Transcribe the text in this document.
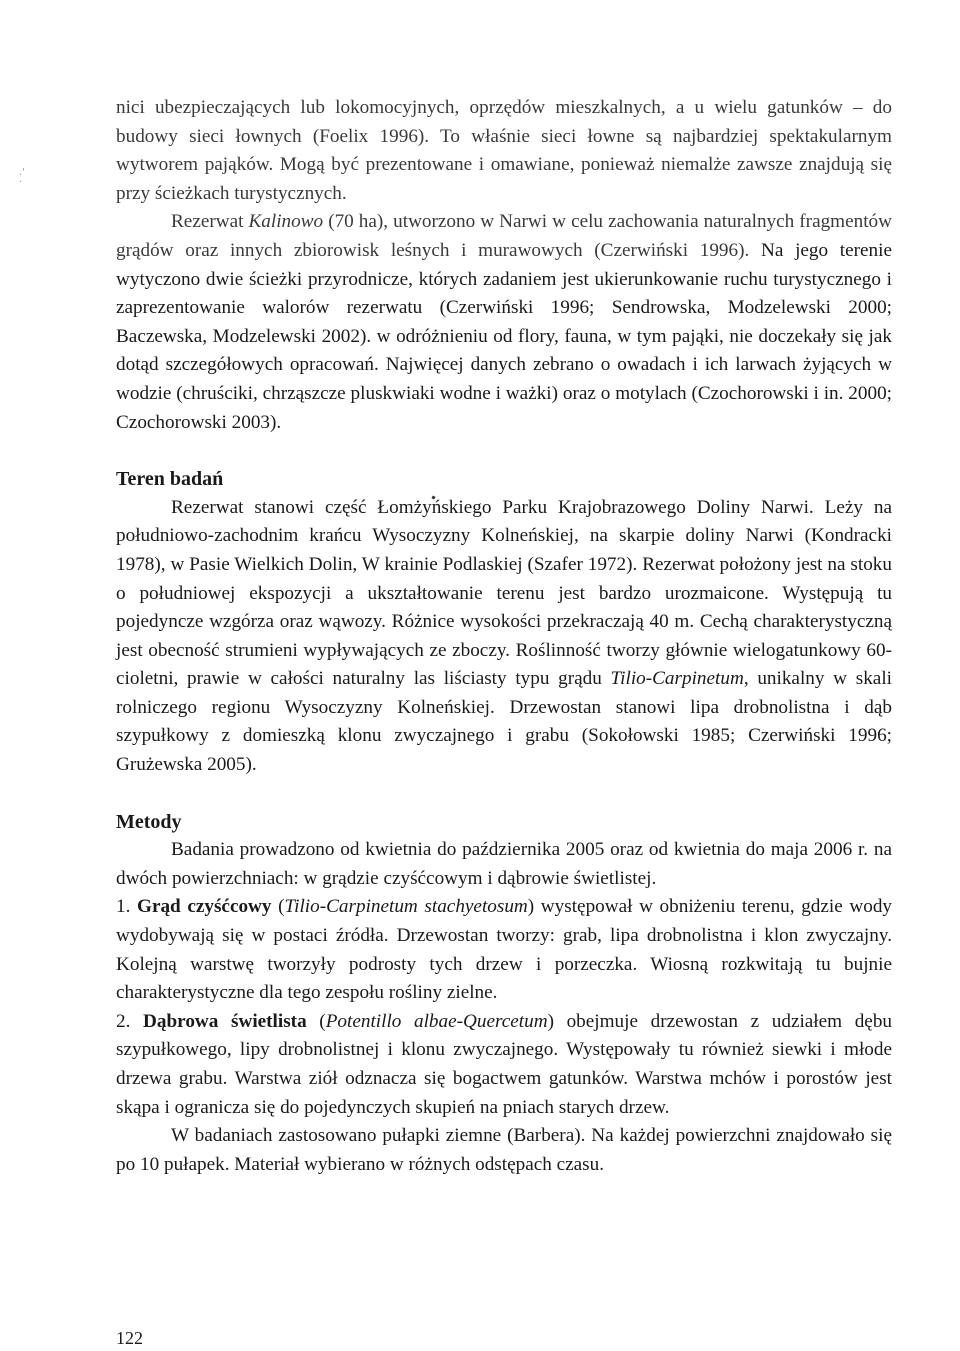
.'
·

nici ubezpieczających lub lokomocyjnych, oprzędów mieszkalnych, a u wielu gatunków – do budowy sieci łownych (Foelix 1996). To właśnie sieci łowne są najbardziej spektakularnym wytworem pająków. Mogą być prezentowane i omawiane, ponieważ niemalże zawsze znajdują się przy ścieżkach turystycznych.

Rezerwat Kalinowo (70 ha), utworzono w Narwi w celu zachowania naturalnych fragmentów grądów oraz innych zbiorowisk leśnych i murawowych (Czerwiński 1996). Na jego terenie wytyczono dwie ścieżki przyrodnicze, których zadaniem jest ukierunkowanie ruchu turystycznego i zaprezentowanie walorów rezerwatu (Czerwiński 1996; Sendrowska, Modzelewski 2000; Baczewska, Modzelewski 2002). w odróżnieniu od flory, fauna, w tym pająki, nie doczekały się jak dotąd szczegółowych opracowań. Najwięcej danych zebrano o owadach i ich larwach żyjących w wodzie (chruściki, chrząszcze pluskwiaki wodne i ważki) oraz o motylach (Czochorowski i in. 2000; Czochorowski 2003).

Teren badań

Rezerwat stanowi część Łomżyńskiego Parku Krajobrazowego Doliny Narwi. Leży na południowo-zachodnim krańcu Wysoczyzny Kolneńskiej, na skarpie doliny Narwi (Kondracki 1978), w Pasie Wielkich Dolin, W krainie Podlaskiej (Szafer 1972). Rezerwat położony jest na stoku o południowej ekspozycji a ukształtowanie terenu jest bardzo urozmaicone. Występują tu pojedyncze wzgórza oraz wąwozy. Różnice wysokości przekraczają 40 m. Cechą charakterystyczną jest obecność strumieni wypływających ze zboczy. Roślinność tworzy głównie wielogatunkowy 60-cioletni, prawie w całości naturalny las liściasty typu grądu Tilio-Carpinetum, unikalny w skali rolniczego regionu Wysoczyzny Kolneńskiej. Drzewostan stanowi lipa drobnolistna i dąb szypułkowy z domieszką klonu zwyczajnego i grabu (Sokołowski 1985; Czerwiński 1996; Grużewska 2005).

Metody

Badania prowadzono od kwietnia do października 2005 oraz od kwietnia do maja 2006 r. na dwóch powierzchniach: w grądzie czyśćcowym i dąbrowie świetlistej.

1. Grąd czyśćcowy (Tilio-Carpinetum stachyetosum) występował w obniżeniu terenu, gdzie wody wydobywają się w postaci źródła. Drzewostan tworzy: grab, lipa drobnolistna i klon zwyczajny. Kolejną warstwę tworzyły podrosty tych drzew i porzeczka. Wiosną rozkwitają tu bujnie charakterystyczne dla tego zespołu rośliny zielne.

2. Dąbrowa świetlista (Potentillo albae-Quercetum) obejmuje drzewostan z udziałem dębu szypułkowego, lipy drobnolistnej i klonu zwyczajnego. Występowały tu również siewki i młode drzewa grabu. Warstwa ziół odznacza się bogactwem gatunków. Warstwa mchów i porostów jest skąpa i ogranicza się do pojedynczych skupień na pniach starych drzew.

W badaniach zastosowano pułapki ziemne (Barbera). Na każdej powierzchni znajdowało się po 10 pułapek. Materiał wybierano w różnych odstępach czasu.

122
